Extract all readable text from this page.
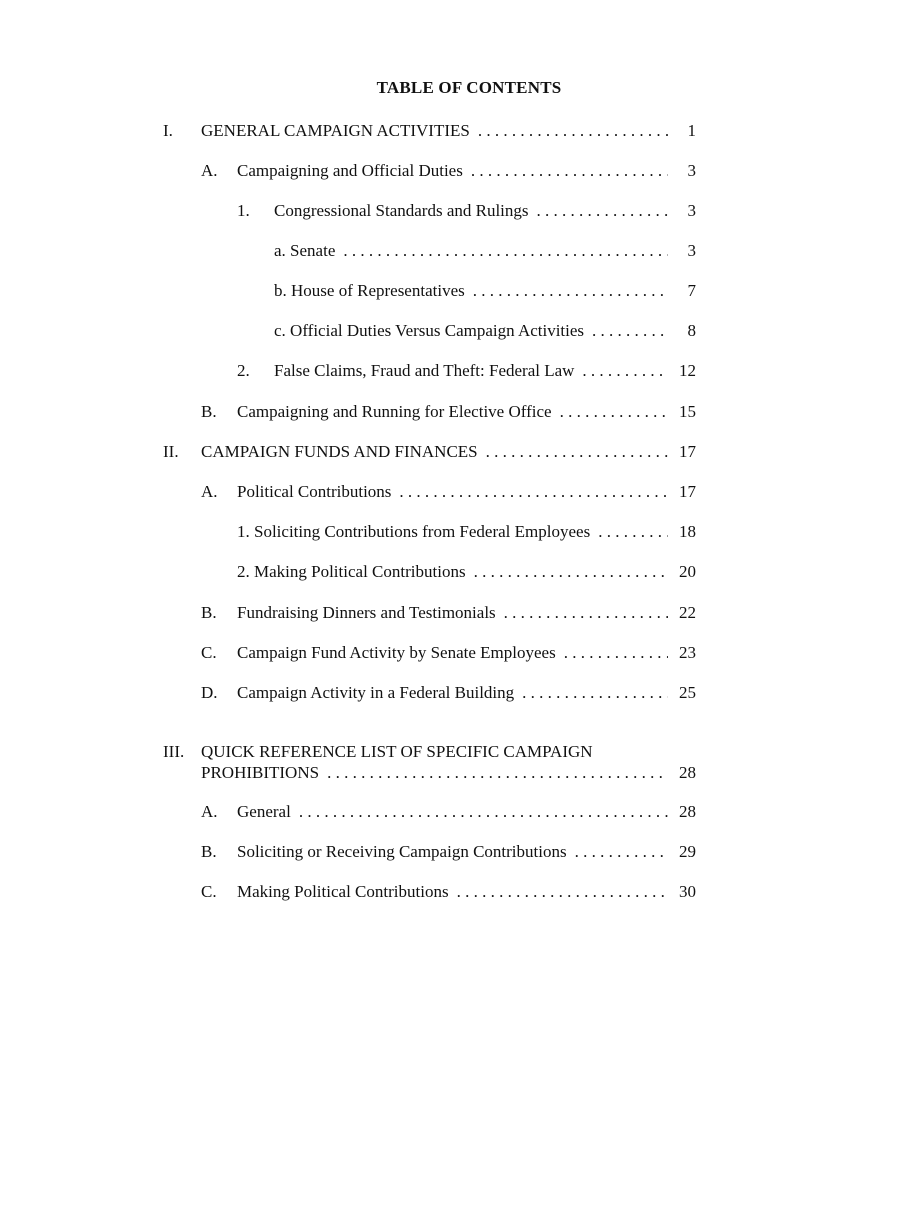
TABLE OF CONTENTS
I. GENERAL CAMPAIGN ACTIVITIES . . .	1
A. Campaigning and Official Duties . . .	3
1. Congressional Standards and Rulings . . .	3
a. Senate . . .	3
b. House of Representatives . . .	7
c. Official Duties Versus Campaign Activities . . .	8
2. False Claims, Fraud and Theft: Federal Law . . .	12
B. Campaigning and Running for Elective Office . . .	15
II. CAMPAIGN FUNDS AND FINANCES . . .	17
A. Political Contributions . . .	17
1. Soliciting Contributions from Federal Employees . . .	18
2. Making Political Contributions . . .	20
B. Fundraising Dinners and Testimonials . . .	22
C. Campaign Fund Activity by Senate Employees . . .	23
D. Campaign Activity in a Federal Building . . .	25
III. QUICK REFERENCE LIST OF SPECIFIC CAMPAIGN
PROHIBITIONS . . .	28
A. General . . .	28
B. Soliciting or Receiving Campaign Contributions . . .	29
C. Making Political Contributions . . .	30
